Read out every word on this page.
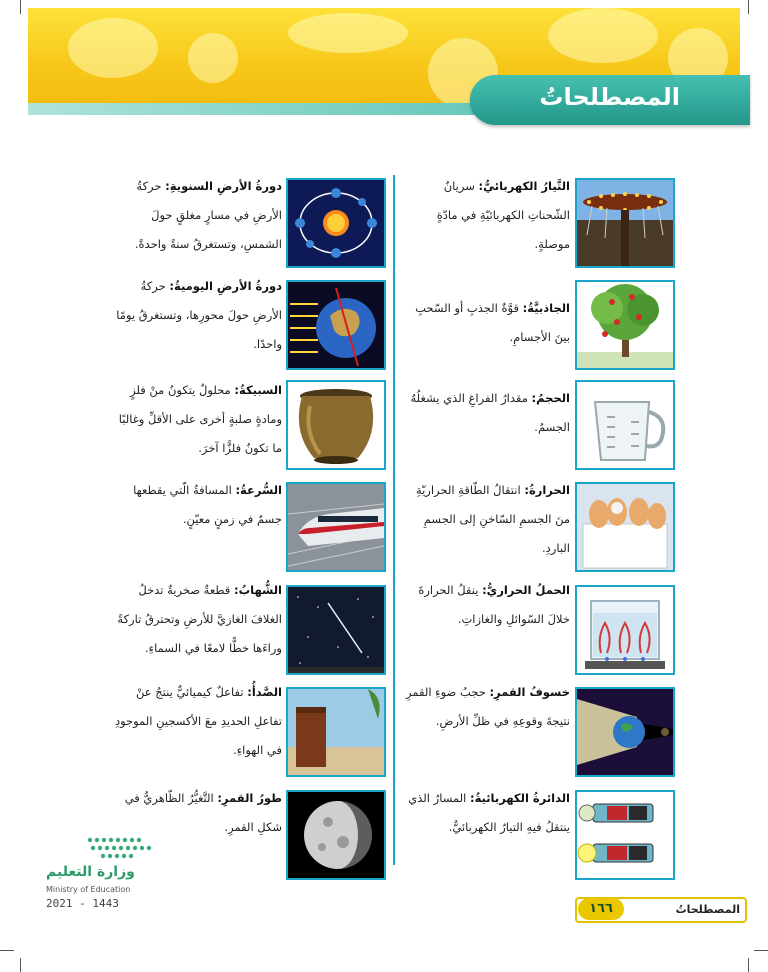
المصطلحاتُ
التَّيارُ الكهربائيُّ: سريانُ الشّحناتِ الكهربائيّةِ في مادّةٍ موصلةٍ.
الجاذبيَّةُ: قوَّةُ الجذبِ أو السّحبِ بينَ الأجسامِ.
الحجمُ: مقدارُ الفراغِ الذي يشغلُهُ الجسمُ.
الحرارةُ: انتقالُ الطّاقةِ الحراريّةِ منَ الجسمِ السّاخنِ إلى الجسمِ الباردِ.
الحملُ الحراريُّ: ينقلُ الحرارةَ خلالَ السّوائلِ والغازاتِ.
خسوفُ القمرِ: حجبُ ضوءِ القمرِ نتيجةَ وقوعِهِ في ظلِّ الأرضِ.
الدائرةُ الكهربائيةُ: المسارُ الذي ينتقلُ فيهِ التيارُ الكهربائيُّ.
دورةُ الأرضِ السنويةِ: حركةُ الأرضِ في مسارٍ مغلقٍ حولَ الشمسِ، وتستغرقُ سنةً واحدةً.
دورةُ الأرضِ اليوميةُ: حركةُ الأرضِ حولَ محورِها، وتستغرقُ يومًا واحدًا.
السبيكةُ: محلولٌ يتكونُ منْ فلزٍ ومادةٍ صلبةٍ أخرى على الأقلِّ وغالبًا ما تكونُ فلزًّا آخرَ.
السُّرعةُ: المسافةُ الّتي يقطعها جسمٌ في زمنٍ معيّنٍ.
الشُّهابُ: قطعةٌ صخريةٌ تدخلُ الغلافَ الغازيَّ للأرضِ وتحترقُ تاركةً وراءَها خطًّا لامعًا في السماءِ.
الصَّدأُ: تفاعلٌ كيميائيٌّ ينتجُ عنْ تفاعلِ الحديدِ معَ الأكسجينِ الموجودِ في الهواءِ.
طورُ القمرِ: التَّغيُّرُ الظّاهريُّ في شكلِ القمرِ.
وزارة التعليم
Ministry of Education
2021 - 1443	١٦٦	المصطلحاتُ
